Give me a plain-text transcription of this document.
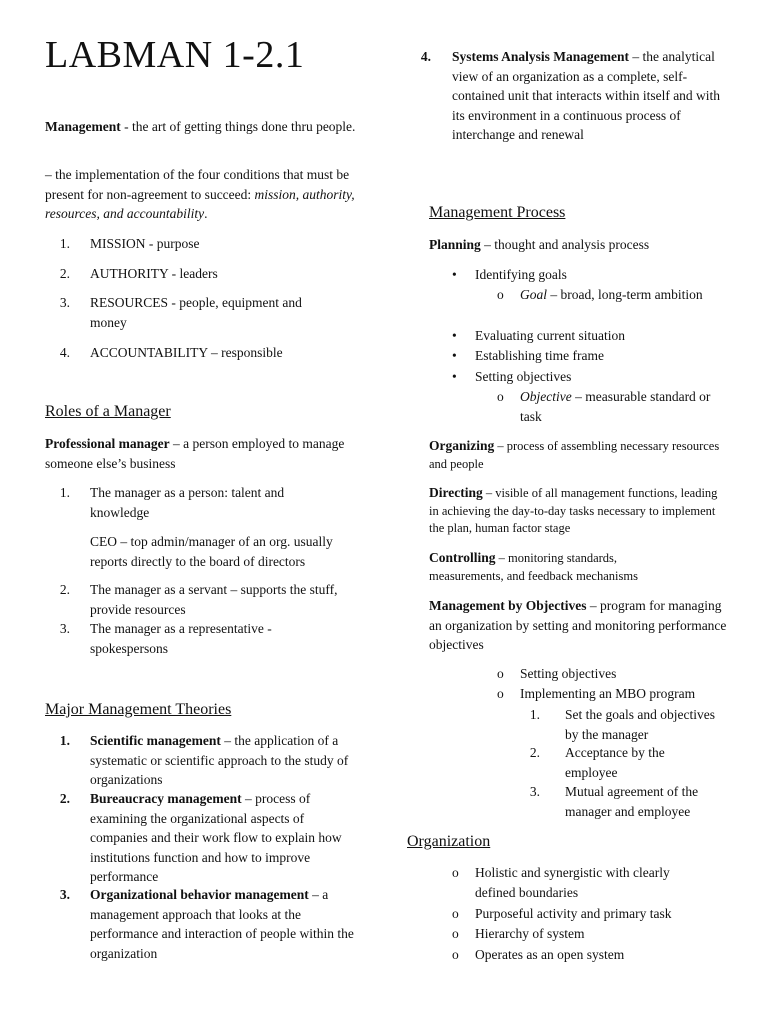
LABMAN 1-2.1

Management - the art of getting things done thru people.

– the implementation of the four conditions that must be present for non-agreement to succeed: mission, authority, resources, and accountability.

1. MISSION - purpose
2. AUTHORITY - leaders
3. RESOURCES - people, equipment and money
4. ACCOUNTABILITY – responsible
Roles of a Manager

Professional manager – a person employed to manage someone else’s business

1. The manager as a person: talent and knowledge
CEO – top admin/manager of an org. usually reports directly to the board of directors
2. The manager as a servant – supports the stuff, provide resources
3. The manager as a representative - spokespersons
Major Management Theories
1. Scientific management – the application of a systematic or scientific approach to the study of organizations
2. Bureaucracy management – process of examining the organizational aspects of companies and their work flow to explain how institutions function and how to improve performance
3. Organizational behavior management – a management approach that looks at the performance and interaction of people within the organization
4. Systems Analysis Management – the analytical view of an organization as a complete, self-contained unit that interacts within itself and with its environment in a continuous process of interchange and renewal
Management Process

Planning – thought and analysis process

• Identifying goals
o Goal – broad, long-term ambition
• Evaluating current situation
• Establishing time frame
• Setting objectives
o Objective – measurable standard or task

Organizing – process of assembling necessary resources and people

Directing – visible of all management functions, leading in achieving the day-to-day tasks necessary to implement the plan, human factor stage

Controlling – monitoring standards, measurements, and feedback mechanisms

Management by Objectives – program for managing an organization by setting and monitoring performance objectives

o Setting objectives
o Implementing an MBO program
1. Set the goals and objectives by the manager
2. Acceptance by the employee
3. Mutual agreement of the manager and employee
Organization
o Holistic and synergistic with clearly defined boundaries
o Purposeful activity and primary task
o Hierarchy of system
o Operates as an open system
